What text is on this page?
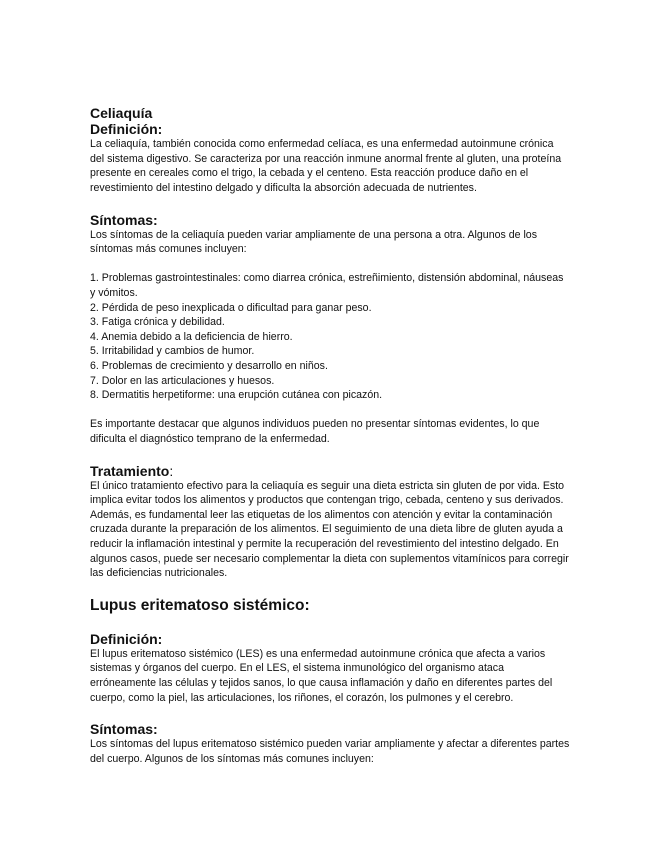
Celiaquía
Definición:

La celiaquía, también conocida como enfermedad celíaca, es una enfermedad autoinmune crónica del sistema digestivo. Se caracteriza por una reacción inmune anormal frente al gluten, una proteína presente en cereales como el trigo, la cebada y el centeno. Esta reacción produce daño en el revestimiento del intestino delgado y dificulta la absorción adecuada de nutrientes.

Síntomas:

Los síntomas de la celiaquía pueden variar ampliamente de una persona a otra. Algunos de los síntomas más comunes incluyen:

1. Problemas gastrointestinales: como diarrea crónica, estreñimiento, distensión abdominal, náuseas y vómitos.
2. Pérdida de peso inexplicada o dificultad para ganar peso.
3. Fatiga crónica y debilidad.
4. Anemia debido a la deficiencia de hierro.
5. Irritabilidad y cambios de humor.
6. Problemas de crecimiento y desarrollo en niños.
7. Dolor en las articulaciones y huesos.
8. Dermatitis herpetiforme: una erupción cutánea con picazón.

Es importante destacar que algunos individuos pueden no presentar síntomas evidentes, lo que dificulta el diagnóstico temprano de la enfermedad.

Tratamiento:

El único tratamiento efectivo para la celiaquía es seguir una dieta estricta sin gluten de por vida. Esto implica evitar todos los alimentos y productos que contengan trigo, cebada, centeno y sus derivados. Además, es fundamental leer las etiquetas de los alimentos con atención y evitar la contaminación cruzada durante la preparación de los alimentos. El seguimiento de una dieta libre de gluten ayuda a reducir la inflamación intestinal y permite la recuperación del revestimiento del intestino delgado. En algunos casos, puede ser necesario complementar la dieta con suplementos vitamínicos para corregir las deficiencias nutricionales.

Lupus eritematoso sistémico:
Definición:

El lupus eritematoso sistémico (LES) es una enfermedad autoinmune crónica que afecta a varios sistemas y órganos del cuerpo. En el LES, el sistema inmunológico del organismo ataca erróneamente las células y tejidos sanos, lo que causa inflamación y daño en diferentes partes del cuerpo, como la piel, las articulaciones, los riñones, el corazón, los pulmones y el cerebro.

Síntomas:

Los síntomas del lupus eritematoso sistémico pueden variar ampliamente y afectar a diferentes partes del cuerpo. Algunos de los síntomas más comunes incluyen:
